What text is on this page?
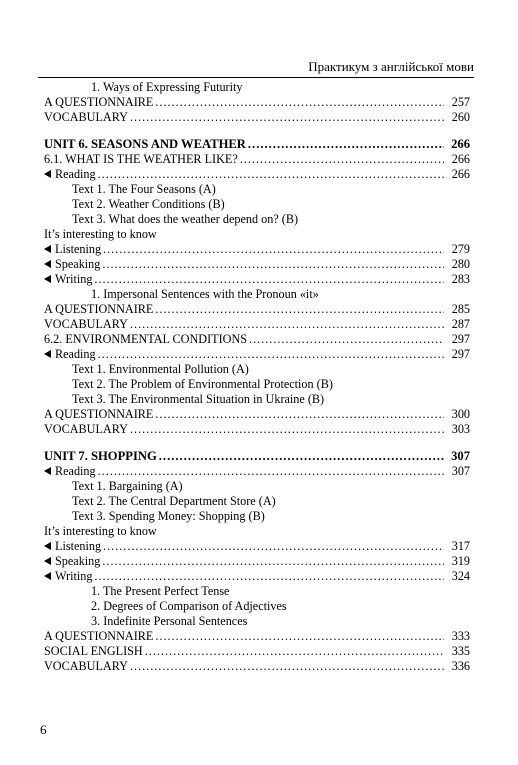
Практикум з англійської мови
1. Ways of Expressing Futurity
A QUESTIONNAIRE .....	257
VOCABULARY .....	260
UNIT 6. SEASONS AND WEATHER .....	266
6.1. WHAT IS THE WEATHER LIKE? .....	266
Reading .....	266
Text 1. The Four Seasons (A)
Text 2. Weather Conditions (B)
Text 3. What does the weather depend on? (B)
It’s interesting to know
Listening .....	279
Speaking .....	280
Writing .....	283
1. Impersonal Sentences with the Pronoun «it»
A QUESTIONNAIRE .....	285
VOCABULARY .....	287
6.2. ENVIRONMENTAL CONDITIONS .....	297
Reading .....	297
Text 1. Environmental Pollution (A)
Text 2. The Problem of Environmental Protection (B)
Text 3. The Environmental Situation in Ukraine (B)
A QUESTIONNAIRE .....	300
VOCABULARY .....	303
UNIT 7. SHOPPING .....	307
Reading .....	307
Text 1. Bargaining (A)
Text 2. The Central Department Store (A)
Text 3. Spending Money: Shopping (B)
It’s interesting to know
Listening .....	317
Speaking .....	319
Writing .....	324
1. The Present Perfect Tense
2. Degrees of Comparison of Adjectives
3. Indefinite Personal Sentences
A QUESTIONNAIRE .....	333
SOCIAL ENGLISH .....	335
VOCABULARY .....	336
6
